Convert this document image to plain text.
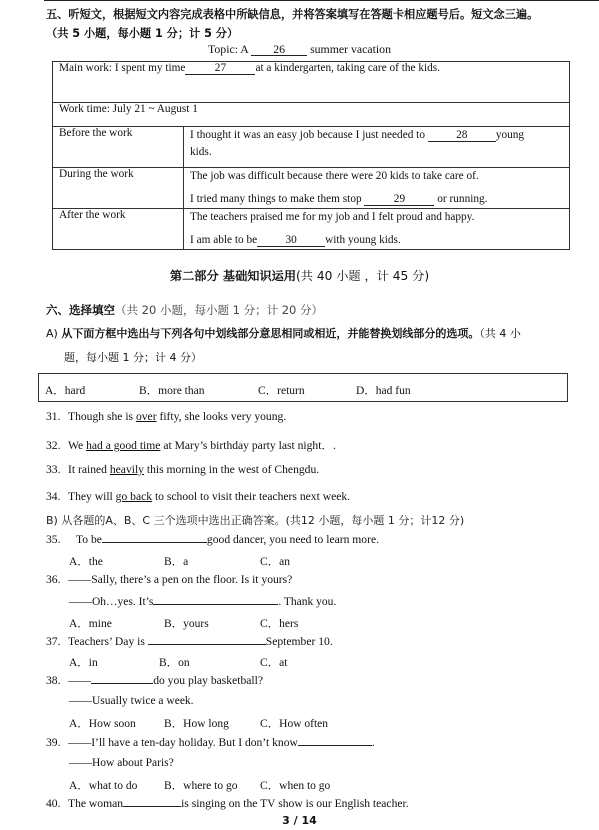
五、听短文，根据短文内容完成表格中所缺信息，并将答案填写在答题卡相应题号后。短文念三遍。
（共 5 小题，每小题 1 分；计 5 分）
Topic: A 26 summer vacation
Main work: I spent my time 27 at a kindergarten, taking care of the kids.	
Work time: July 21 ~ August 1	
Before the work	I thought it was an easy job because I just needed to 28 young
kids.

During the work	The job was difficult because there were 20 kids to take care of.
I tried many things to make them stop 29 or running.

After the work	The teachers praised me for my job and I felt proud and happy.
I am able to be 30 with young kids.
第二部分 基础知识运用(共 40 小题 ，计 45 分)
六、选择填空（共 20 小题，每小题 1 分；计 20 分）
A) 从下面方框中选出与下列各句中划线部分意思相同或相近，并能替换划线部分的选项。（共 4 小
题，每小题 1 分；计 4 分）
A．hard	B．more than	C．return	D．had fun
31. Though she is over fifty, she looks very young.
32. We had a good time at Mary’s birthday party last night．.
33. It rained heavily this morning in the west of Chengdu.
34. They will go back to school to visit their teachers next week.
B) 从各题的A、B、C 三个选项中选出正确答案。(共12 小题，每小题 1 分；计12 分)
35. To be	good dancer, you need to learn more.
A．the	B．a	C．an
36. ——Sally, there’s a pen on the floor. Is it yours?
——Oh…yes. It’s	. Thank you.
A．mine	B．yours	C．hers
37. Teachers’ Day is	September 10.
A．in	B．on	C．at
38. ——	do you play basketball?
——Usually twice a week.
A．How soon B．How long	C．How often
39. ——I’ll have a ten-day holiday. But I don’t know	.
——How about Paris?
A．what to do B．where to go C．when to go
40. The woman	is singing on the TV show is our English teacher.
3 / 14
